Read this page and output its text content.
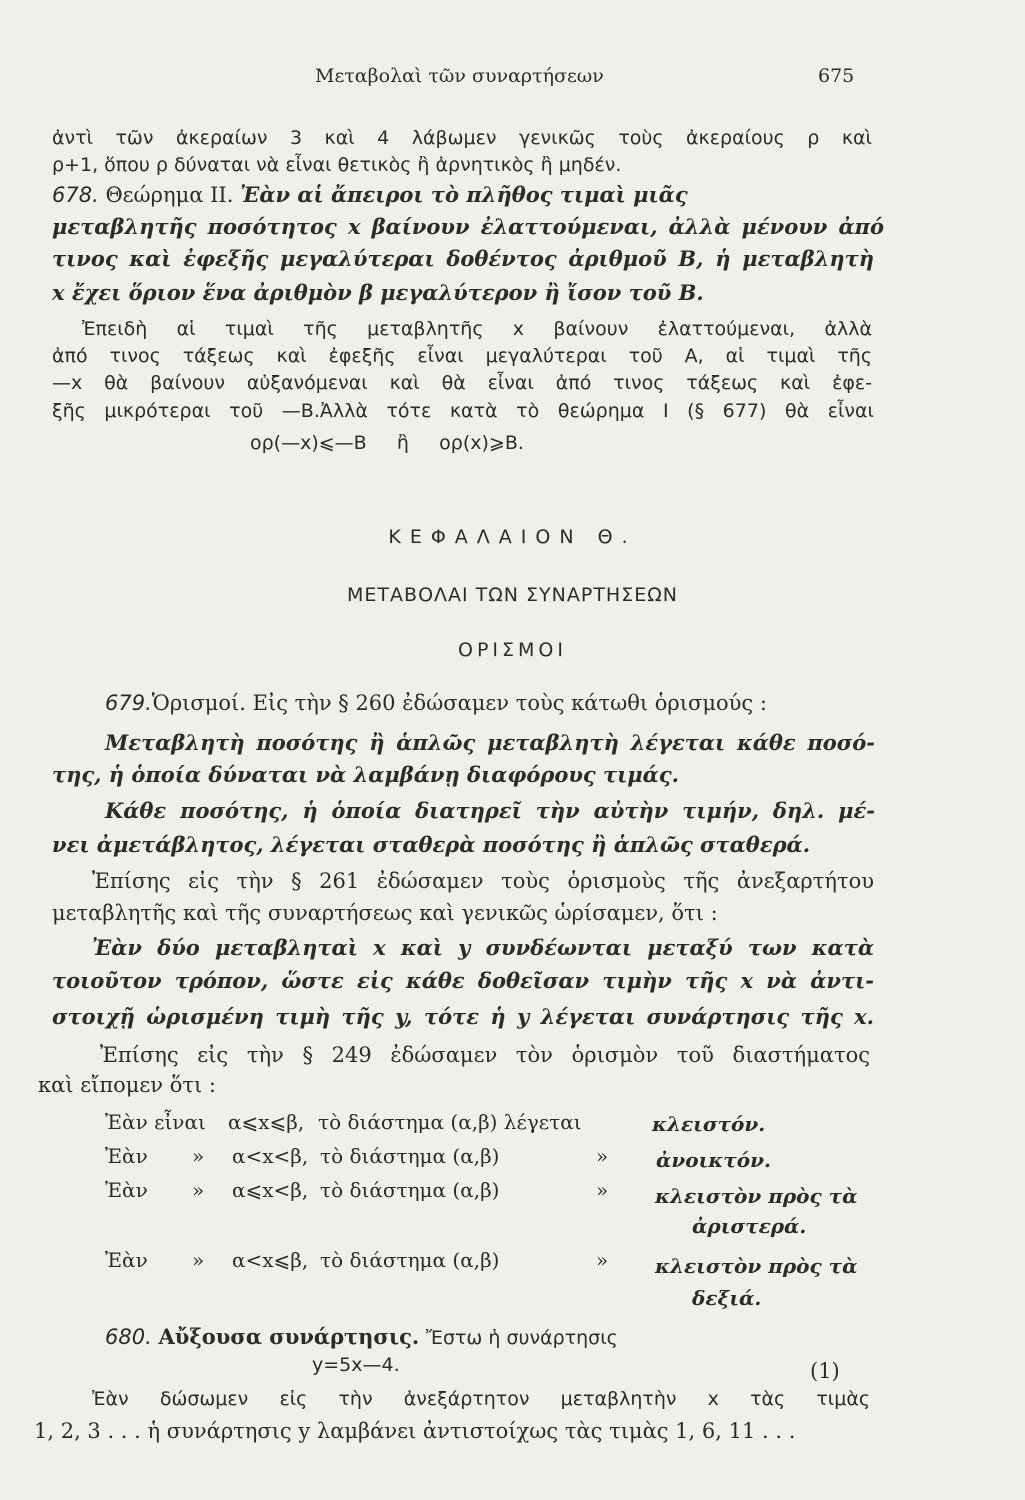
Μεταβολαὶ τῶν συναρτήσεων	675
ἀντὶ τῶν ἀκεραίων 3 καὶ 4 λάβωμεν γενικῶς τοὺς ἀκεραίους ρ καὶ
ρ+1, ὅπου ρ δύναται νὰ εἶναι θετικὸς ἢ ἀρνητικὸς ἢ μηδέν.
678. Θεώρημα ΙΙ. Ἐὰν αἱ ἄπειροι τὸ πλῆθος τιμαὶ μιᾶς
μεταβλητῆς ποσότητος x βαίνουν ἐλαττούμεναι, ἀλλὰ μένουν ἀπό
τινος καὶ ἐφεξῆς μεγαλύτεραι δοθέντος ἀριθμοῦ B, ἡ μεταβλητὴ
x ἔχει ὅριον ἕνα ἀριθμὸν β μεγαλύτερον ἢ ἴσον τοῦ B.
Ἐπειδὴ αἱ τιμαὶ τῆς μεταβλητῆς x βαίνουν ἐλαττούμεναι, ἀλλὰ
ἀπό τινος τάξεως καὶ ἐφεξῆς εἶναι μεγαλύτεραι τοῦ Α, αἱ τιμαὶ τῆς
—x θὰ βαίνουν αὐξανόμεναι καὶ θὰ εἶναι ἀπό τινος τάξεως καὶ ἐφε-
ξῆς μικρότεραι τοῦ —B.Ἀλλὰ τότε κατὰ τὸ θεώρημα Ι (§ 677) θὰ εἶναι
ορ(—x)⩽—B     ἢ     ορ(x)⩾B.
ΚΕΦΑΛΑΙΟΝ Θ.
ΜΕΤΑΒΟΛΑΙ ΤΩΝ ΣΥΝΑΡΤΗΣΕΩΝ
ΟΡΙΣΜΟΙ
679.Ὁρισμοί. Εἰς τὴν § 260 ἐδώσαμεν τοὺς κάτωθι ὁρισμούς :
Μεταβλητὴ ποσότης ἢ ἁπλῶς μεταβλητὴ λέγεται κάθε ποσό-
της, ἡ ὁποία δύναται νὰ λαμβάνῃ διαφόρους τιμάς.
Κάθε ποσότης, ἡ ὁποία διατηρεῖ τὴν αὐτὴν τιμήν, δηλ. μέ-
νει ἀμετάβλητος, λέγεται σταθερὰ ποσότης ἢ ἁπλῶς σταθερά.
Ἐπίσης εἰς τὴν § 261 ἐδώσαμεν τοὺς ὁρισμοὺς τῆς ἀνεξαρτήτου
μεταβλητῆς καὶ τῆς συναρτήσεως καὶ γενικῶς ὡρίσαμεν, ὅτι :
Ἐὰν δύο μεταβληταὶ x καὶ y συνδέωνται μεταξύ των κατὰ
τοιοῦτον τρόπον, ὥστε εἰς κάθε δοθεῖσαν τιμὴν τῆς x νὰ ἀντι-
στοιχῇ ὡρισμένη τιμὴ τῆς y, τότε ἡ y λέγεται συνάρτησις τῆς x.
Ἐπίσης εἰς τὴν § 249 ἐδώσαμεν τὸν ὁρισμὸν τοῦ διαστήματος
καὶ εἴπομεν ὅτι :
Ἐὰν εἶναι α⩽x⩽β, τὸ διάστημα (α,β) λέγεται	κλειστόν.
Ἐὰν » α<x<β, τὸ διάστημα (α,β)	» ἀνοικτόν.
Ἐὰν » α⩽x<β, τὸ διάστημα (α,β)	» κλειστὸν πρὸς τὰ
ἀριστερά.
Ἐὰν » α<x⩽β, τὸ διάστημα (α,β)	» κλειστὸν πρὸς τὰ
δεξιά.
680. Αὔξουσα συνάρτησις. Ἔστω ἡ συνάρτησις
y=5x—4.	(1)
Ἐὰν δώσωμεν εἰς τὴν ἀνεξάρτητον μεταβλητὴν x τὰς τιμὰς
1, 2, 3 . . . ἡ συνάρτησις y λαμβάνει ἀντιστοίχως τὰς τιμὰς 1, 6, 11 . . .
